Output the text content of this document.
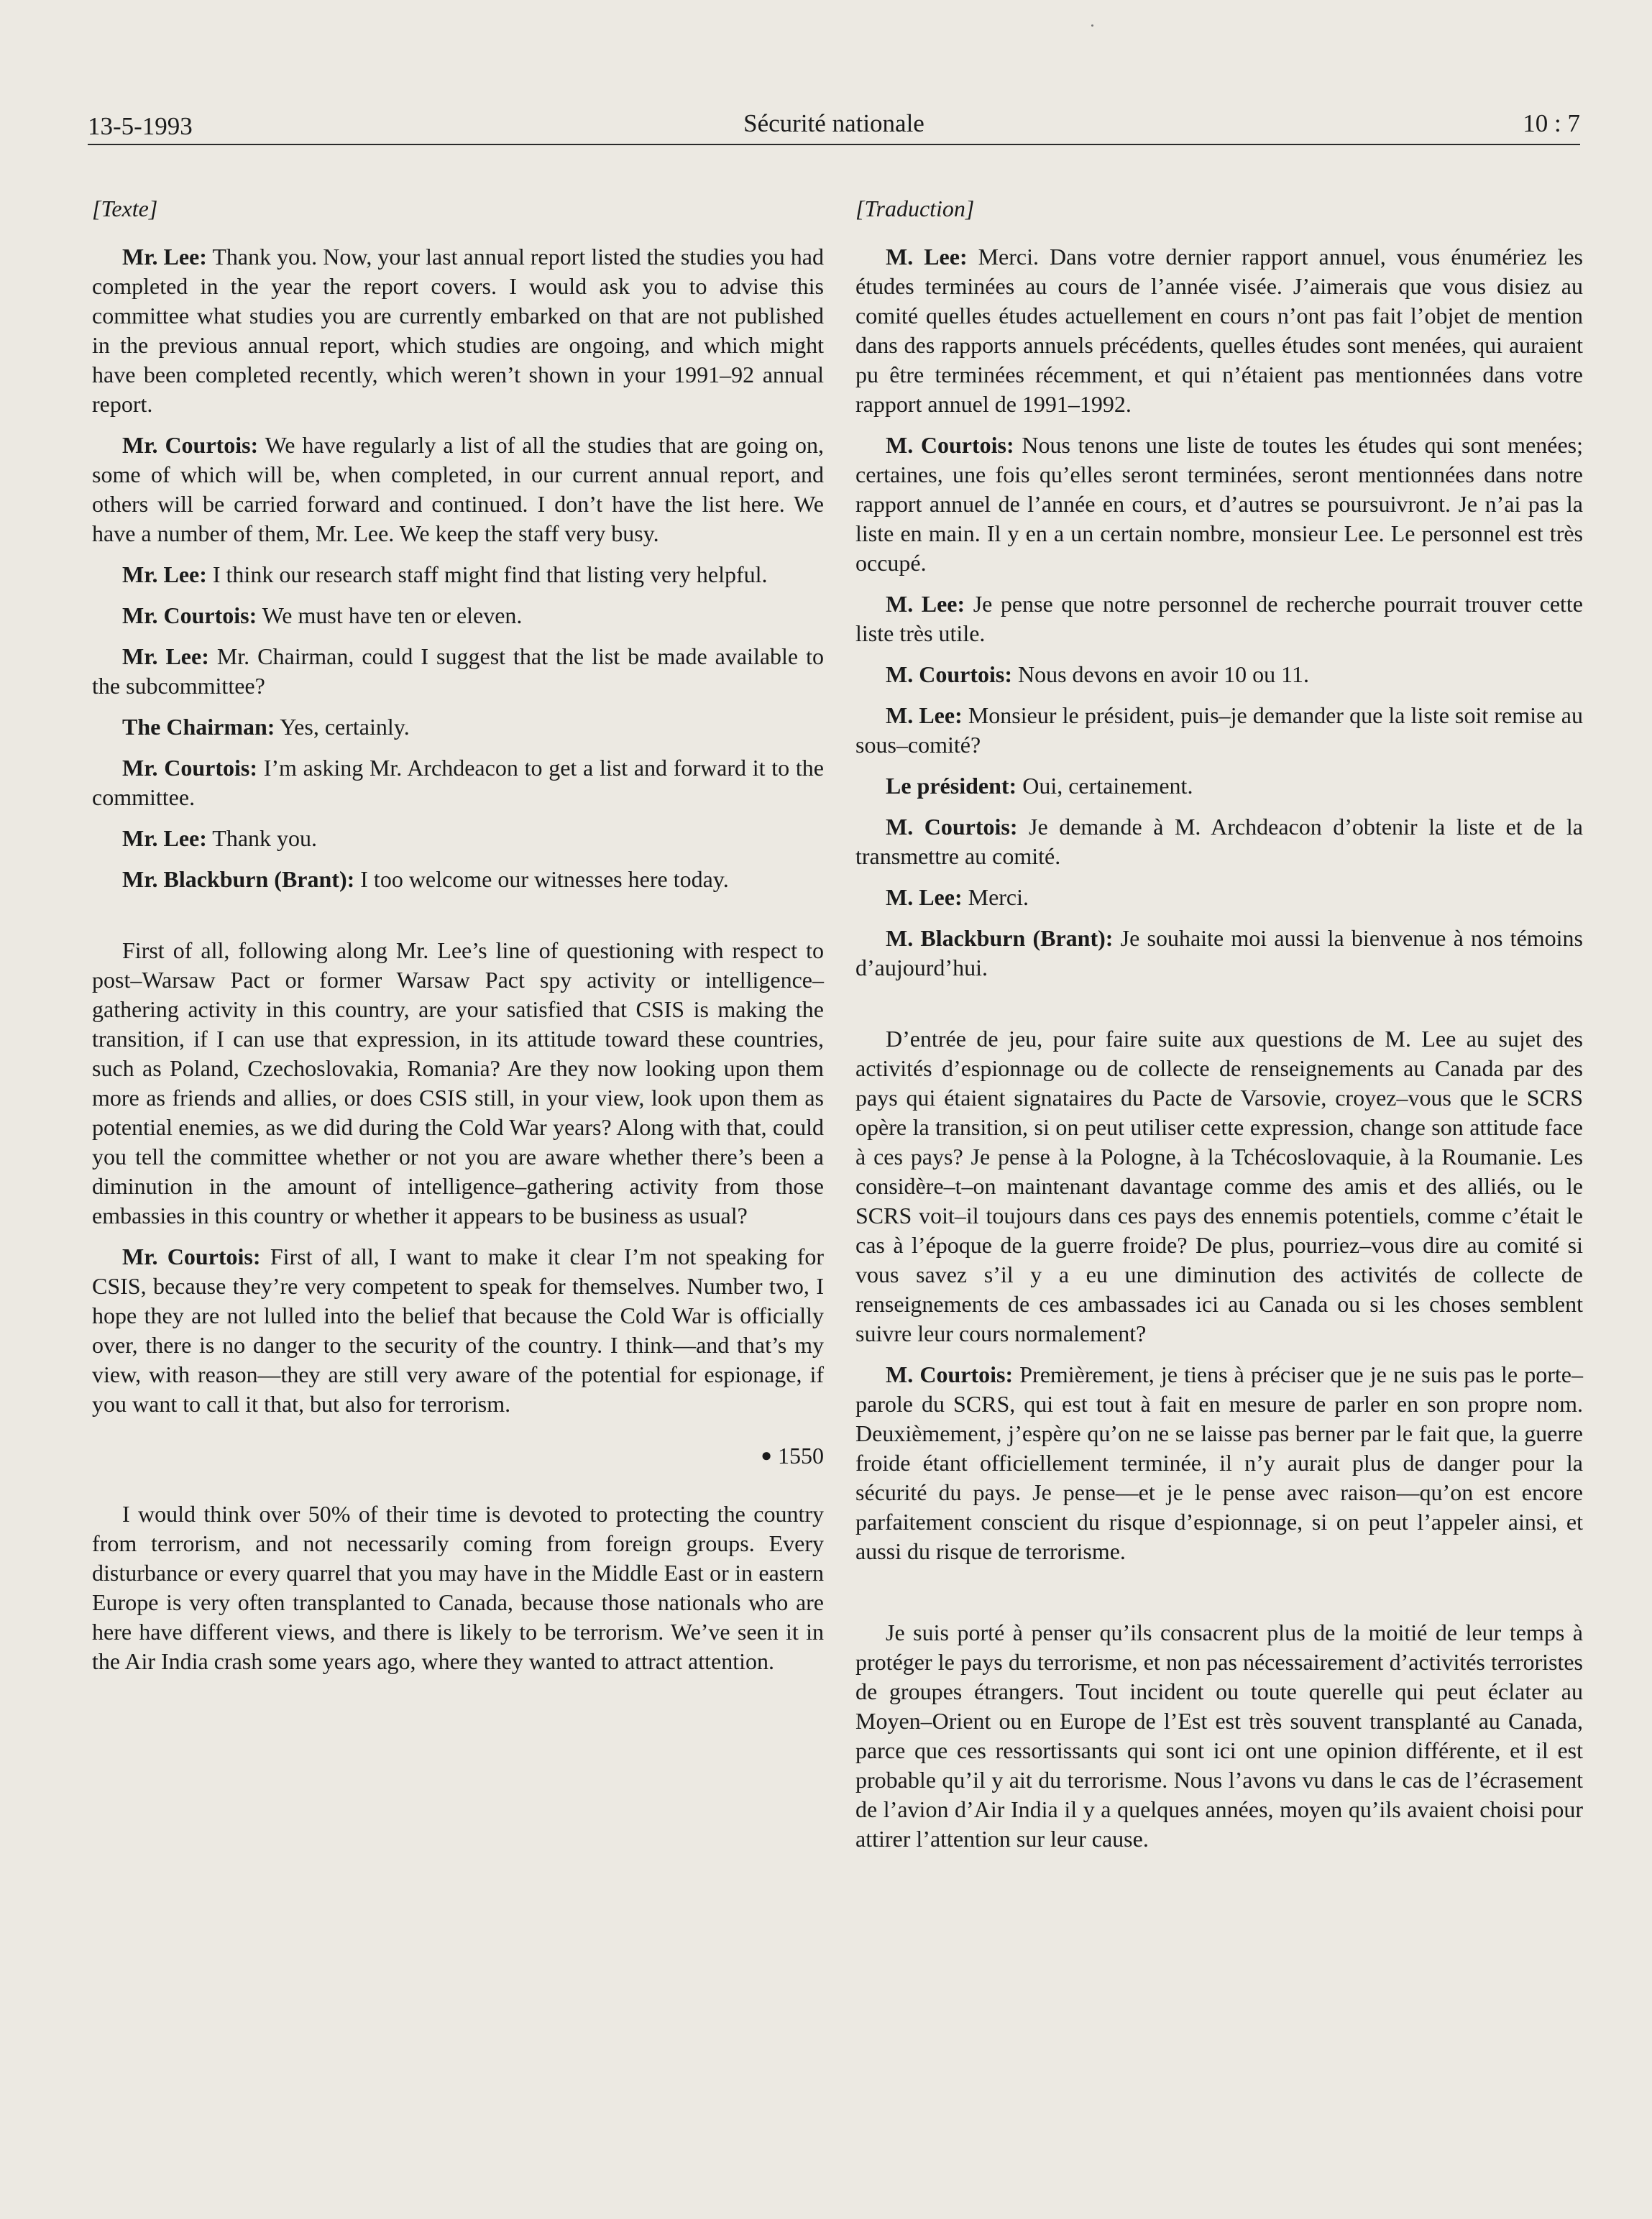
13-5-1993	Sécurité nationale	10 : 7

[Texte]

Mr. Lee: Thank you. Now, your last annual report listed the studies you had completed in the year the report covers. I would ask you to advise this committee what studies you are currently embarked on that are not published in the previous annual report, which studies are ongoing, and which might have been completed recently, which weren’t shown in your 1991–92 annual report.

Mr. Courtois: We have regularly a list of all the studies that are going on, some of which will be, when completed, in our current annual report, and others will be carried forward and continued. I don’t have the list here. We have a number of them, Mr. Lee. We keep the staff very busy.

Mr. Lee: I think our research staff might find that listing very helpful.

Mr. Courtois: We must have ten or eleven.

Mr. Lee: Mr. Chairman, could I suggest that the list be made available to the subcommittee?

The Chairman: Yes, certainly.

Mr. Courtois: I’m asking Mr. Archdeacon to get a list and forward it to the committee.

Mr. Lee: Thank you.

Mr. Blackburn (Brant): I too welcome our witnesses here today.

First of all, following along Mr. Lee’s line of questioning with respect to post–Warsaw Pact or former Warsaw Pact spy activity or intelligence–gathering activity in this country, are your satisfied that CSIS is making the transition, if I can use that expression, in its attitude toward these countries, such as Poland, Czechoslovakia, Romania? Are they now looking upon them more as friends and allies, or does CSIS still, in your view, look upon them as potential enemies, as we did during the Cold War years? Along with that, could you tell the committee whether or not you are aware whether there’s been a diminution in the amount of intelligence–gathering activity from those embassies in this country or whether it appears to be business as usual?

Mr. Courtois: First of all, I want to make it clear I’m not speaking for CSIS, because they’re very competent to speak for themselves. Number two, I hope they are not lulled into the belief that because the Cold War is officially over, there is no danger to the security of the country. I think—and that’s my view, with reason—they are still very aware of the potential for espionage, if you want to call it that, but also for terrorism.

● 1550

I would think over 50% of their time is devoted to protecting the country from terrorism, and not necessarily coming from foreign groups. Every disturbance or every quarrel that you may have in the Middle East or in eastern Europe is very often transplanted to Canada, because those nationals who are here have different views, and there is likely to be terrorism. We’ve seen it in the Air India crash some years ago, where they wanted to attract attention.

[Traduction]

M. Lee: Merci. Dans votre dernier rapport annuel, vous énumériez les études terminées au cours de l’année visée. J’aimerais que vous disiez au comité quelles études actuellement en cours n’ont pas fait l’objet de mention dans des rapports annuels précédents, quelles études sont menées, qui auraient pu être terminées récemment, et qui n’étaient pas mentionnées dans votre rapport annuel de 1991–1992.

M. Courtois: Nous tenons une liste de toutes les études qui sont menées; certaines, une fois qu’elles seront terminées, seront mentionnées dans notre rapport annuel de l’année en cours, et d’autres se poursuivront. Je n’ai pas la liste en main. Il y en a un certain nombre, monsieur Lee. Le personnel est très occupé.

M. Lee: Je pense que notre personnel de recherche pourrait trouver cette liste très utile.

M. Courtois: Nous devons en avoir 10 ou 11.

M. Lee: Monsieur le président, puis–je demander que la liste soit remise au sous–comité?

Le président: Oui, certainement.

M. Courtois: Je demande à M. Archdeacon d’obtenir la liste et de la transmettre au comité.

M. Lee: Merci.

M. Blackburn (Brant): Je souhaite moi aussi la bienvenue à nos témoins d’aujourd’hui.

D’entrée de jeu, pour faire suite aux questions de M. Lee au sujet des activités d’espionnage ou de collecte de renseignements au Canada par des pays qui étaient signataires du Pacte de Varsovie, croyez–vous que le SCRS opère la transition, si on peut utiliser cette expression, change son attitude face à ces pays? Je pense à la Pologne, à la Tchécoslovaquie, à la Roumanie. Les considère–t–on maintenant davantage comme des amis et des alliés, ou le SCRS voit–il toujours dans ces pays des ennemis potentiels, comme c’était le cas à l’époque de la guerre froide? De plus, pourriez–vous dire au comité si vous savez s’il y a eu une diminution des activités de collecte de renseignements de ces ambassades ici au Canada ou si les choses semblent suivre leur cours normalement?

M. Courtois: Premièrement, je tiens à préciser que je ne suis pas le porte–parole du SCRS, qui est tout à fait en mesure de parler en son propre nom. Deuxièmement, j’espère qu’on ne se laisse pas berner par le fait que, la guerre froide étant officiellement terminée, il n’y aurait plus de danger pour la sécurité du pays. Je pense—et je le pense avec raison—qu’on est encore parfaitement conscient du risque d’espionnage, si on peut l’appeler ainsi, et aussi du risque de terrorisme.

Je suis porté à penser qu’ils consacrent plus de la moitié de leur temps à protéger le pays du terrorisme, et non pas nécessairement d’activités terroristes de groupes étrangers. Tout incident ou toute querelle qui peut éclater au Moyen–Orient ou en Europe de l’Est est très souvent transplanté au Canada, parce que ces ressortissants qui sont ici ont une opinion différente, et il est probable qu’il y ait du terrorisme. Nous l’avons vu dans le cas de l’écrasement de l’avion d’Air India il y a quelques années, moyen qu’ils avaient choisi pour attirer l’attention sur leur cause.
